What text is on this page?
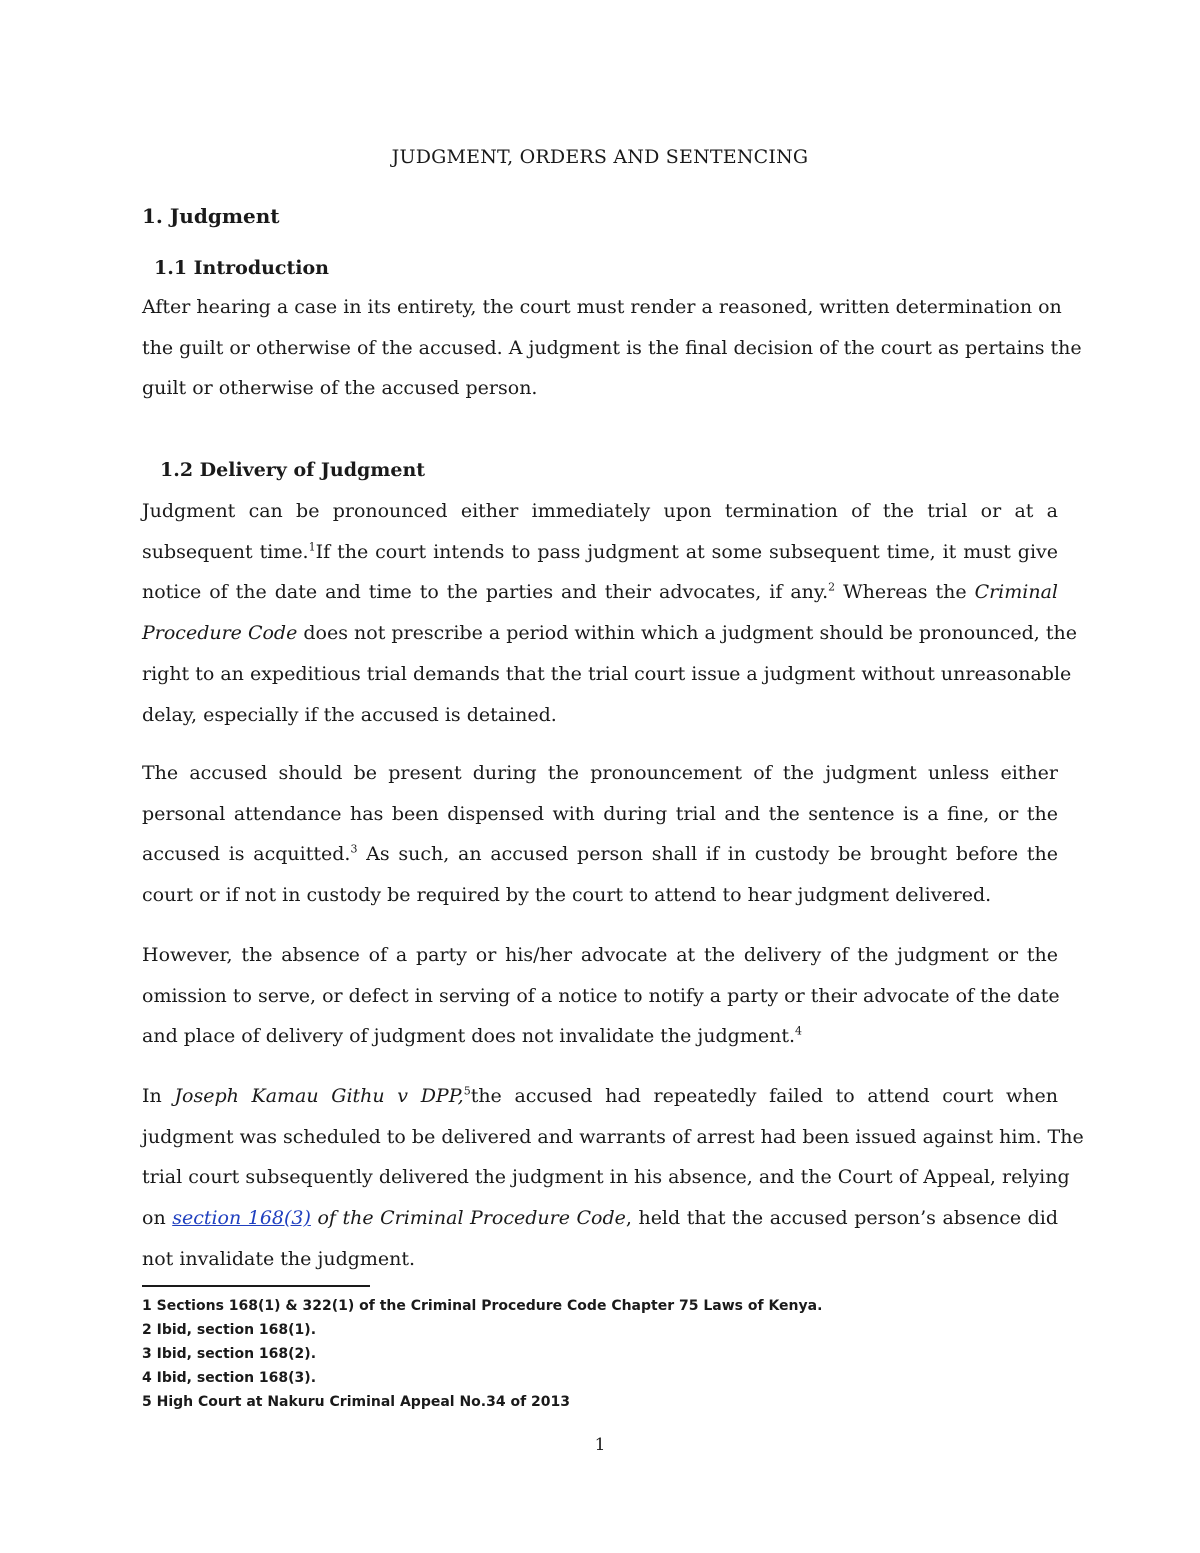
JUDGMENT, ORDERS AND SENTENCING
1. Judgment
1.1 Introduction
After hearing a case in its entirety, the court must render a reasoned, written determination on
the guilt or otherwise of the accused. A judgment is the final decision of the court as pertains the
guilt or otherwise of the accused person.
1.2 Delivery of Judgment
Judgment can be pronounced either immediately upon termination of the trial or at a
subsequent time.$^1$If the court intends to pass judgment at some subsequent time, it must give
notice of the date and time to the parties and their advocates, if any.$^2$ Whereas the Criminal
Procedure Code does not prescribe a period within which a judgment should be pronounced, the
right to an expeditious trial demands that the trial court issue a judgment without unreasonable
delay, especially if the accused is detained.
The accused should be present during the pronouncement of the judgment unless either
personal attendance has been dispensed with during trial and the sentence is a fine, or the
accused is acquitted.$^3$ As such, an accused person shall if in custody be brought before the
court or if not in custody be required by the court to attend to hear judgment delivered.
However, the absence of a party or his/her advocate at the delivery of the judgment or the
omission to serve, or defect in serving of a notice to notify a party or their advocate of the date
and place of delivery of judgment does not invalidate the judgment.$^4$
In Joseph Kamau Githu v DPP,$^5$the accused had repeatedly failed to attend court when
judgment was scheduled to be delivered and warrants of arrest had been issued against him. The
trial court subsequently delivered the judgment in his absence, and the Court of Appeal, relying
on section 168(3) of the Criminal Procedure Code, held that the accused person’s absence did
not invalidate the judgment.
1 Sections 168(1) & 322(1) of the Criminal Procedure Code Chapter 75 Laws of Kenya.
2 Ibid, section 168(1).
3 Ibid, section 168(2).
4 Ibid, section 168(3).
5 High Court at Nakuru Criminal Appeal No.34 of 2013
1
